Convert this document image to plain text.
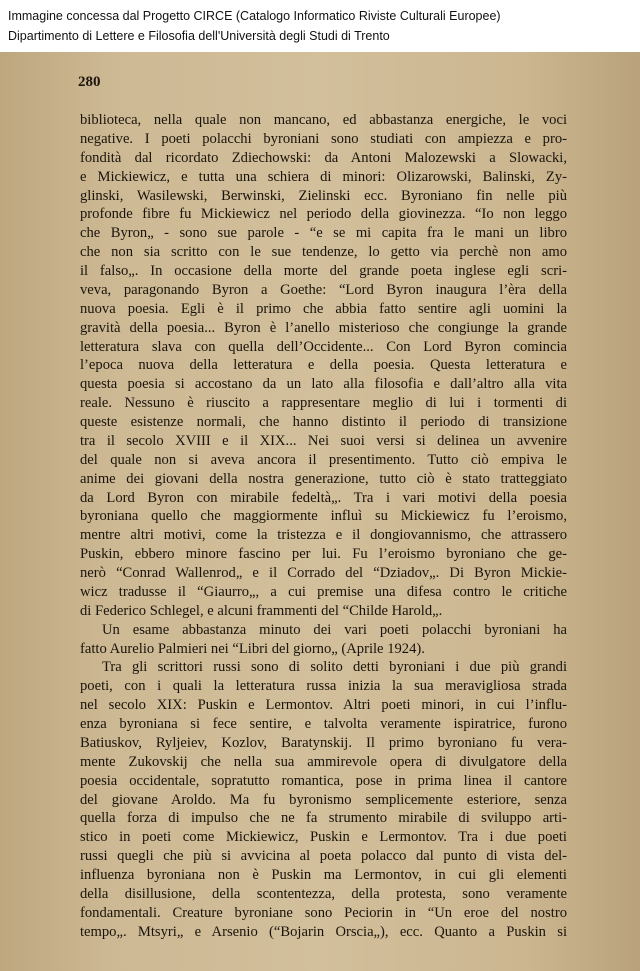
Immagine concessa dal Progetto CIRCE (Catalogo Informatico Riviste Culturali Europee)
Dipartimento di Lettere e Filosofia dell'Università degli Studi di Trento
280
biblioteca, nella quale non mancano, ed abbastanza energiche, le voci
negative. I poeti polacchi byroniani sono studiati con ampiezza e pro-
fondità dal ricordato Zdiechowski: da Antoni Malozewski a Slowacki,
e Mickiewicz, e tutta una schiera di minori: Olizarowski, Balinski, Zy-
glinski, Wasilewski, Berwinski, Zielinski ecc. Byroniano fin nelle più
profonde fibre fu Mickiewicz nel periodo della giovinezza. “Io non leggo
che Byron„ - sono sue parole - “e se mi capita fra le mani un libro
che non sia scritto con le sue tendenze, lo getto via perchè non amo
il falso„. In occasione della morte del grande poeta inglese egli scri-
veva, paragonando Byron a Goethe: “Lord Byron inaugura l’èra della
nuova poesia. Egli è il primo che abbia fatto sentire agli uomini la
gravità della poesia... Byron è l’anello misterioso che congiunge la grande
letteratura slava con quella dell’Occidente... Con Lord Byron comincia
l’epoca nuova della letteratura e della poesia. Questa letteratura e
questa poesia si accostano da un lato alla filosofia e dall’altro alla vita
reale. Nessuno è riuscito a rappresentare meglio di lui i tormenti di
queste esistenze normali, che hanno distinto il periodo di transizione
tra il secolo XVIII e il XIX... Nei suoi versi si delinea un avvenire
del quale non si aveva ancora il presentimento. Tutto ciò empiva le
anime dei giovani della nostra generazione, tutto ciò è stato tratteggiato
da Lord Byron con mirabile fedeltà„. Tra i vari motivi della poesia
byroniana quello che maggiormente influì su Mickiewicz fu l’eroismo,
mentre altri motivi, come la tristezza e il dongiovannismo, che attrassero
Puskin, ebbero minore fascino per lui. Fu l’eroismo byroniano che ge-
nerò “Conrad Wallenrod„ e il Corrado del “Dziadov„. Di Byron Mickie-
wicz tradusse il “Giaurro„, a cui premise una difesa contro le critiche
di Federico Schlegel, e alcuni frammenti del “Childe Harold„.
Un esame abbastanza minuto dei vari poeti polacchi byroniani ha
fatto Aurelio Palmieri nei “Libri del giorno„ (Aprile 1924).
Tra gli scrittori russi sono di solito detti byroniani i due più grandi
poeti, con i quali la letteratura russa inizia la sua meravigliosa strada
nel secolo XIX: Puskin e Lermontov. Altri poeti minori, in cui l’influ-
enza byroniana si fece sentire, e talvolta veramente ispiratrice, furono
Batiuskov, Ryljeiev, Kozlov, Baratynskij. Il primo byroniano fu vera-
mente Zukovskij che nella sua ammirevole opera di divulgatore della
poesia occidentale, sopratutto romantica, pose in prima linea il cantore
del giovane Aroldo. Ma fu byronismo semplicemente esteriore, senza
quella forza di impulso che ne fa strumento mirabile di sviluppo arti-
stico in poeti come Mickiewicz, Puskin e Lermontov. Tra i due poeti
russi quegli che più si avvicina al poeta polacco dal punto di vista del-
influenza byroniana non è Puskin ma Lermontov, in cui gli elementi
della disillusione, della scontentezza, della protesta, sono veramente
fondamentali. Creature byroniane sono Peciorin in “Un eroe del nostro
tempo„. Mtsyri„ e Arsenio (“Bojarin Orscia„), ecc. Quanto a Puskin si
